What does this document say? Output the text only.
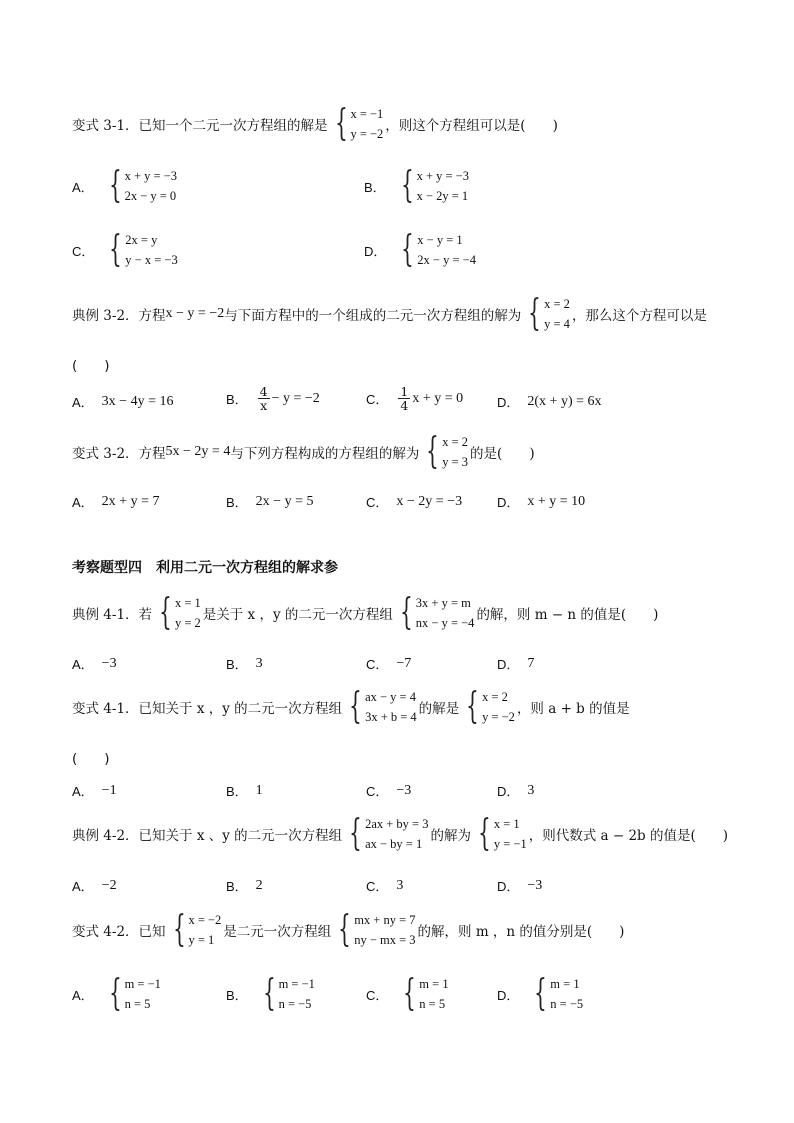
变式 3-1．已知一个二元一次方程组的解是 { x = −1
y = −2 ，则这个方程组可以是(　　)
A． { x + y = −3
2x − y = 0
B． { x + y = −3
x − 2y = 1
C． { 2x = y
y − x = −3
D． { x − y = 1
2x − y = −4
典例 3-2．方程 x − y = −2 与下面方程中的一个组成的二元一次方程组的解为 { x = 2
y = 4 ，那么这个方程可以是
(　　)
A． 3x − 4y = 16	B． $\frac{4}{x} - y = -2$	C． $\frac{1}{4}$ x + y = 0	D． 2(x + y) = 6x
变式 3-2．方程 5x − 2y = 4 与下列方程构成的方程组的解为 { x = 2
y = 3 的是(　　)
A． 2x + y = 7	B． 2x − y = 5	C． x − 2y = −3	D． x + y = 10
考察题型四　利用二元一次方程组的解求参
典例 4-1．若 { x = 1
y = 2 是关于 x ，y 的二元一次方程组 { 3x + y = m
nx − y = −4 的解，则 m − n 的值是(　　)
A． −3	B． 3	C． −7	D． 7
变式 4-1．已知关于 x ，y 的二元一次方程组 { ax − y = 4
3x + b = 4 的解是 { x = 2
y = −2 ，则 a + b 的值是
(　　)
A． −1	B． 1	C． −3	D． 3
典例 4-2．已知关于 x 、y 的二元一次方程组 { 2ax + by = 3
ax − by = 1 的解为 { x = 1
y = −1 ，则代数式 a − 2b 的值是(　　)
A． −2	B． 2	C． 3	D． −3
变式 4-2．已知 { x = −2
y = 1 是二元一次方程组 { mx + ny = 7
ny − mx = 3 的解，则 m ，n 的值分别是(　　)
A． { m = −1
n = 5
B． { m = −1
n = −5
C． { m = 1
n = 5
D． { m = 1
n = −5
